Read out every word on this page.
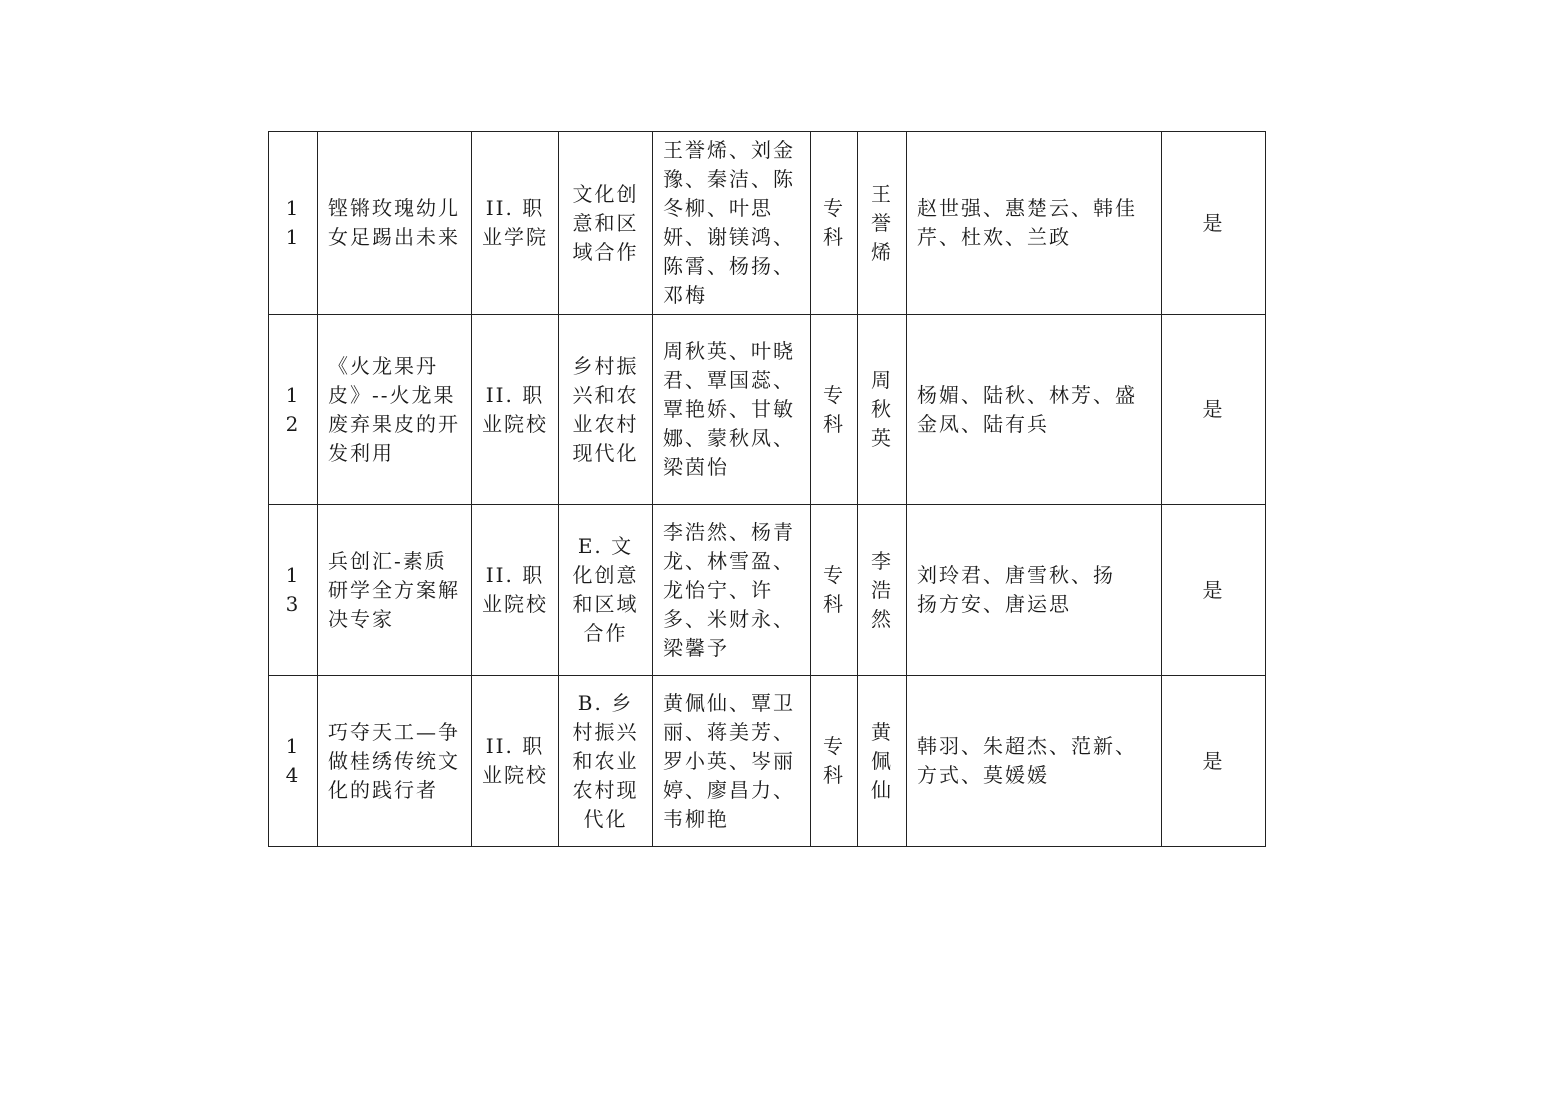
11	铿锵玫瑰幼儿女足踢出未来	II. 职业学院	文化创意和区域合作	王誉烯、刘金豫、秦洁、陈冬柳、叶思妍、谢镁鸿、陈霄、杨扬、邓梅	专科	王誉烯	赵世强、惠楚云、韩佳芹、杜欢、兰政	是
12	《火龙果丹皮》--火龙果废弃果皮的开发利用	II. 职业院校	乡村振兴和农业农村现代化	周秋英、叶晓君、覃国蕊、覃艳娇、甘敏娜、蒙秋凤、梁茵怡	专科	周秋英	杨媚、陆秋、林芳、盛金凤、陆有兵	是
13	兵创汇-素质研学全方案解决专家	II. 职业院校	E. 文化创意和区域合作	李浩然、杨青龙、林雪盈、龙怡宁、许多、米财永、梁馨予	专科	李浩然	刘玲君、唐雪秋、扬　扬方安、唐运思	是
14	巧夺天工—争做桂绣传统文化的践行者	II. 职业院校	B. 乡村振兴和农业农村现代化	黄佩仙、覃卫丽、蒋美芳、罗小英、岑丽婷、廖昌力、韦柳艳	专科	黄佩仙	韩羽、朱超杰、范新、方式、莫媛媛	是
